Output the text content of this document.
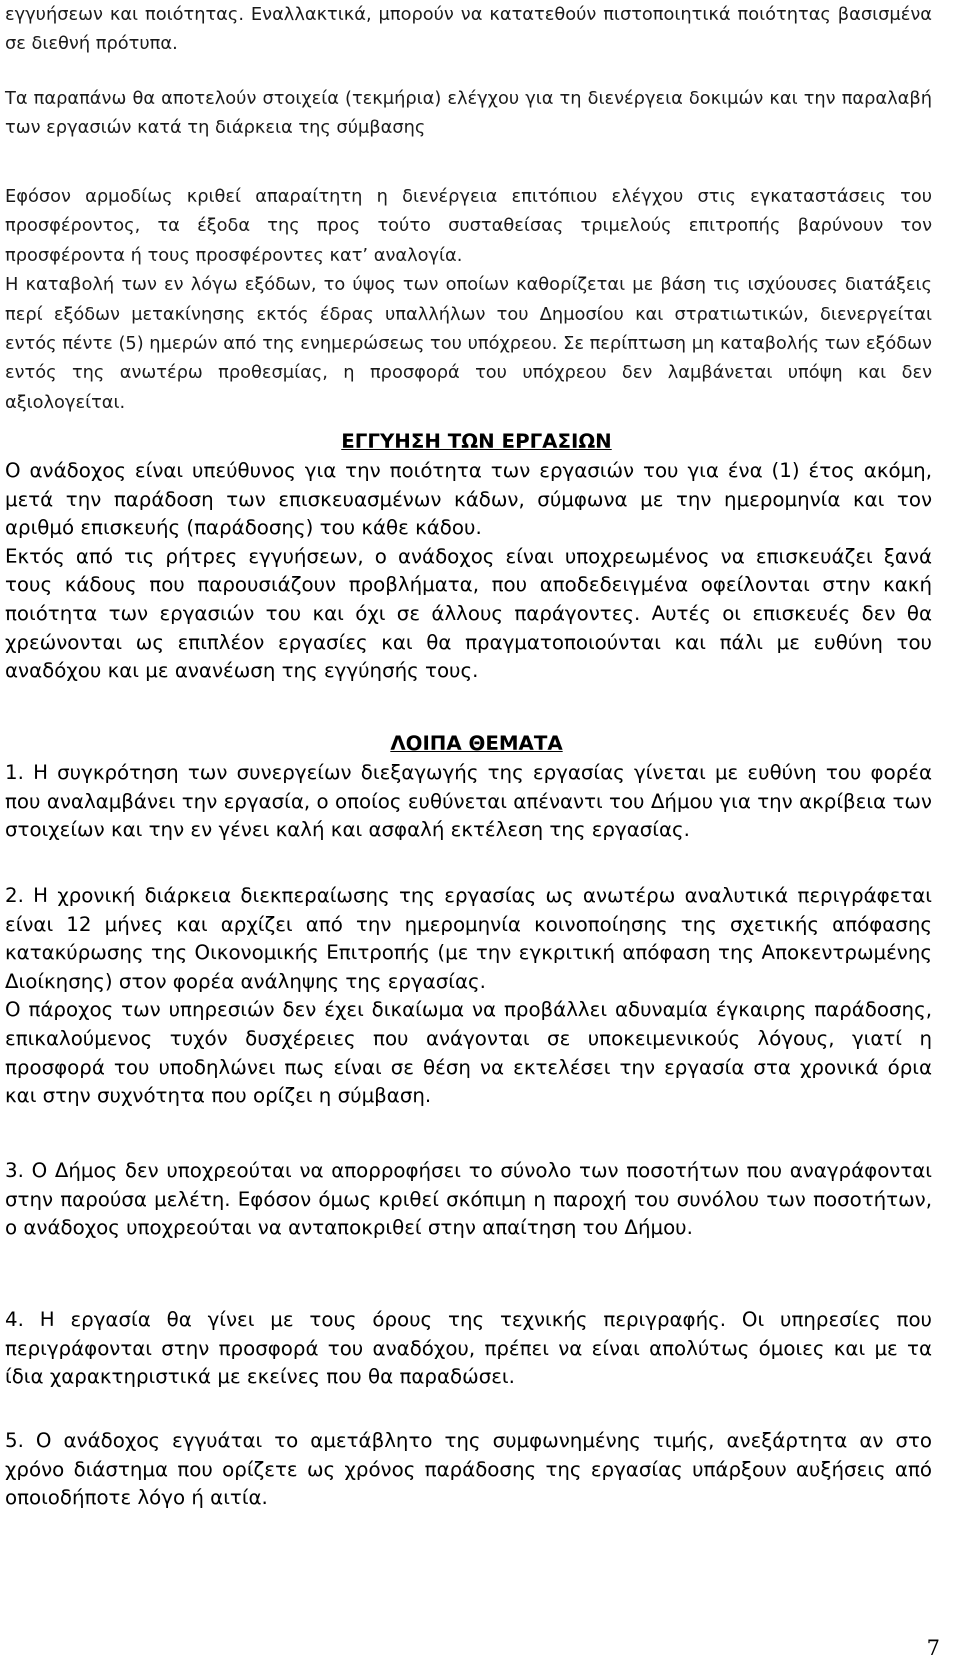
εγγυήσεων και ποιότητας. Εναλλακτικά, μπορούν να κατατεθούν πιστοποιητικά ποιότητας βασισμένα σε διεθνή πρότυπα.

Τα παραπάνω θα αποτελούν στοιχεία (τεκμήρια) ελέγχου για τη διενέργεια δοκιμών και την παραλαβή των εργασιών κατά τη διάρκεια της σύμβασης

Εφόσον αρμοδίως κριθεί απαραίτητη η διενέργεια επιτόπιου ελέγχου στις εγκαταστάσεις του προσφέροντος, τα έξοδα της προς τούτο συσταθείσας τριμελούς επιτροπής βαρύνουν τον προσφέροντα ή τους προσφέροντες κατ’ αναλογία.

Η καταβολή των εν λόγω εξόδων, το ύψος των οποίων καθορίζεται με βάση τις ισχύουσες διατάξεις περί εξόδων μετακίνησης εκτός έδρας υπαλλήλων του Δημοσίου και στρατιωτικών, διενεργείται εντός πέντε (5) ημερών από της ενημερώσεως του υπόχρεου. Σε περίπτωση μη καταβολής των εξόδων εντός της ανωτέρω προθεσμίας, η προσφορά του υπόχρεου δεν λαμβάνεται υπόψη και δεν αξιολογείται.

ΕΓΓΥΗΣΗ ΤΩΝ ΕΡΓΑΣΙΩΝ

Ο ανάδοχος είναι υπεύθυνος για την ποιότητα των εργασιών του για ένα (1) έτος ακόμη, μετά την παράδοση των επισκευασμένων κάδων, σύμφωνα με την ημερομηνία και τον αριθμό επισκευής (παράδοσης) του κάθε κάδου.

Εκτός από τις ρήτρες εγγυήσεων, ο ανάδοχος είναι υποχρεωμένος να επισκευάζει ξανά τους κάδους που παρουσιάζουν προβλήματα, που αποδεδειγμένα οφείλονται στην κακή ποιότητα των εργασιών του και όχι σε άλλους παράγοντες. Αυτές οι επισκευές δεν θα χρεώνονται ως επιπλέον εργασίες και θα πραγματοποιούνται και πάλι με ευθύνη του αναδόχου και με ανανέωση της εγγύησής τους.

ΛΟΙΠΑ ΘΕΜΑΤΑ

1. Η συγκρότηση των συνεργείων διεξαγωγής της εργασίας γίνεται με ευθύνη του φορέα που αναλαμβάνει την εργασία, ο οποίος ευθύνεται απέναντι του Δήμου για την ακρίβεια των στοιχείων και την εν γένει καλή και ασφαλή εκτέλεση της εργασίας.

2. Η χρονική διάρκεια διεκπεραίωσης της εργασίας ως ανωτέρω αναλυτικά περιγράφεται είναι 12 μήνες και αρχίζει από την ημερομηνία κοινοποίησης της σχετικής απόφασης κατακύρωσης της Οικονομικής Επιτροπής (με την εγκριτική απόφαση της Αποκεντρωμένης Διοίκησης) στον φορέα ανάληψης της εργασίας.

Ο πάροχος των υπηρεσιών δεν έχει δικαίωμα να προβάλλει αδυναμία έγκαιρης παράδοσης, επικαλούμενος τυχόν δυσχέρειες που ανάγονται σε υποκειμενικούς λόγους, γιατί η προσφορά του υποδηλώνει πως είναι σε θέση να εκτελέσει την εργασία στα χρονικά όρια και στην συχνότητα που ορίζει η σύμβαση.

3. Ο Δήμος δεν υποχρεούται να απορροφήσει το σύνολο των ποσοτήτων που αναγράφονται στην παρούσα μελέτη. Εφόσον όμως κριθεί σκόπιμη η παροχή του συνόλου των ποσοτήτων, ο ανάδοχος υποχρεούται να ανταποκριθεί στην απαίτηση του Δήμου.

4. Η εργασία θα γίνει με τους όρους της τεχνικής περιγραφής. Οι υπηρεσίες που περιγράφονται στην προσφορά του αναδόχου, πρέπει να είναι απολύτως όμοιες και με τα ίδια χαρακτηριστικά με εκείνες που θα παραδώσει.

5. Ο ανάδοχος εγγυάται το αμετάβλητο της συμφωνημένης τιμής, ανεξάρτητα αν στο χρόνο διάστημα που ορίζετε ως χρόνος παράδοσης της εργασίας υπάρξουν αυξήσεις από οποιοδήποτε λόγο ή αιτία.

7
